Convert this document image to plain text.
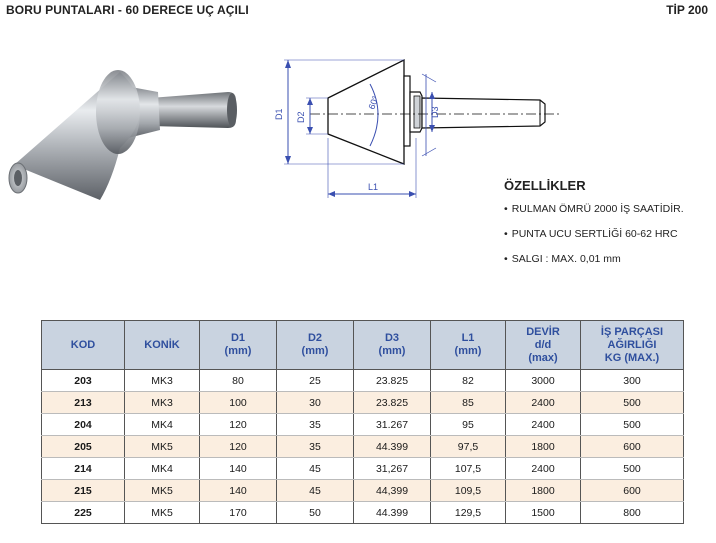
BORU PUNTALARI - 60 DERECE UÇ AÇILI	TİP 200
D1 D2
60°
D3
L1	ÖZELLİKLER
• RULMAN ÖMRÜ 2000 İŞ SAATİDİR.
• PUNTA UCU SERTLİĞİ 60-62 HRC
• SALGI : MAX. 0,01 mm
KOD	KONİK	D1
(mm)	D2
(mm)	D3
(mm)	L1
(mm)	DEVİR
d/d
(max)	İŞ PARÇASI
AĞIRLIĞI
KG (MAX.)
203	MK3	80	25	23.825	82	3000	300
213	MK3	100	30	23.825	85	2400	500
204	MK4	120	35	31.267	95	2400	500
205	MK5	120	35	44.399	97,5	1800	600
214	MK4	140	45	31,267	107,5	2400	500
215	MK5	140	45	44,399	109,5	1800	600
225	MK5	170	50	44.399	129,5	1500	800
